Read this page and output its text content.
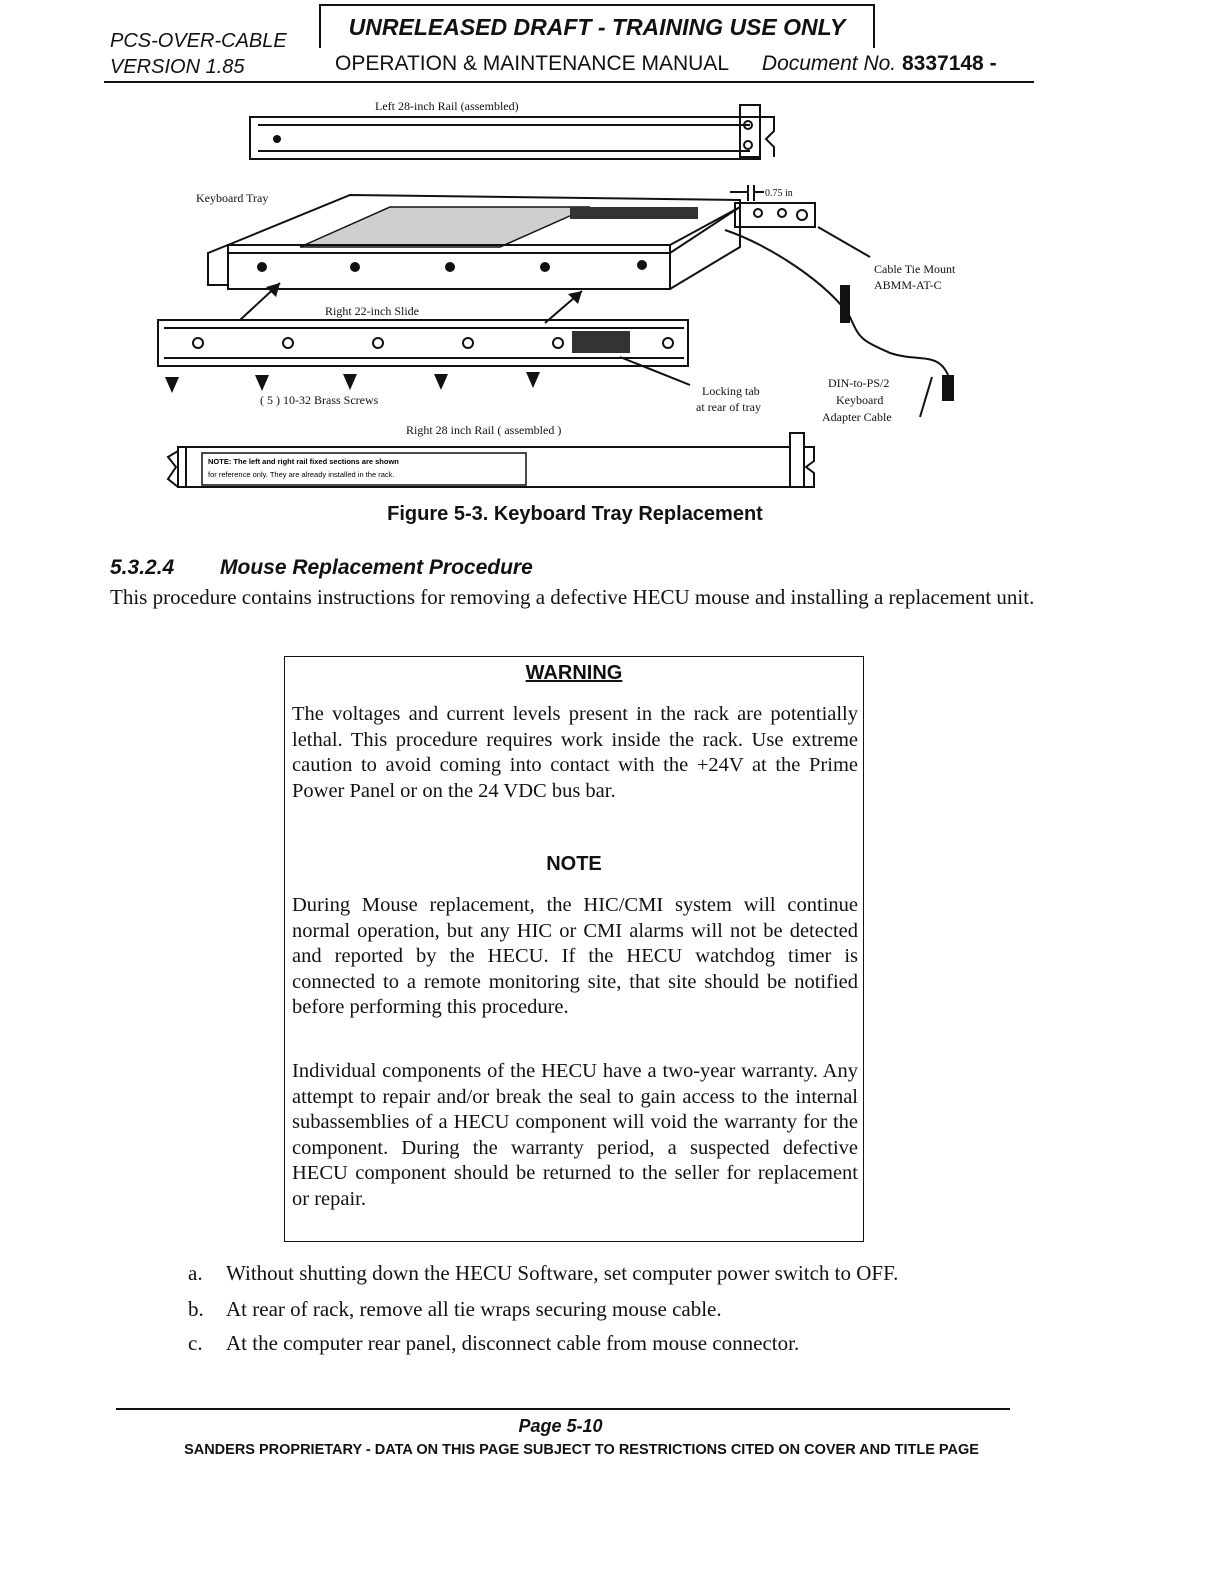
PCS-OVER-CABLE
VERSION 1.85
UNRELEASED DRAFT - TRAINING USE ONLY
OPERATION & MAINTENANCE MANUAL Document No. 8337148 -
Left 28-inch Rail (assembled)
Keyboard Tray	0.75 in
Cable Tie Mount
ABMM-AT-C
Right 22-inch Slide
( 5 ) 10-32 Brass Screws
Locking tab
at rear of tray
DIN-to-PS/2
Keyboard
Adapter Cable
Right 28 inch Rail ( assembled )
NOTE: The left and right rail fixed sections are shown
for reference only. They are already installed in the rack.
Figure 5-3. Keyboard Tray Replacement
5.3.2.4 Mouse Replacement Procedure
This procedure contains instructions for removing a defective HECU mouse and installing a replacement unit.
WARNING
The voltages and current levels present in the rack are potentially lethal. This procedure requires work inside the rack. Use extreme caution to avoid coming into contact with the +24V at the Prime Power Panel or on the 24 VDC bus bar.
NOTE
During Mouse replacement, the HIC/CMI system will continue normal operation, but any HIC or CMI alarms will not be detected and reported by the HECU. If the HECU watchdog timer is connected to a remote monitoring site, that site should be notified before performing this procedure.
Individual components of the HECU have a two-year warranty. Any attempt to repair and/or break the seal to gain access to the internal subassemblies of a HECU component will void the warranty for the component. During the warranty period, a suspected defective HECU component should be returned to the seller for replacement or repair.
a. Without shutting down the HECU Software, set computer power switch to OFF.
b. At rear of rack, remove all tie wraps securing mouse cable.
c. At the computer rear panel, disconnect cable from mouse connector.
Page 5-10
SANDERS PROPRIETARY - DATA ON THIS PAGE SUBJECT TO RESTRICTIONS CITED ON COVER AND TITLE PAGE
